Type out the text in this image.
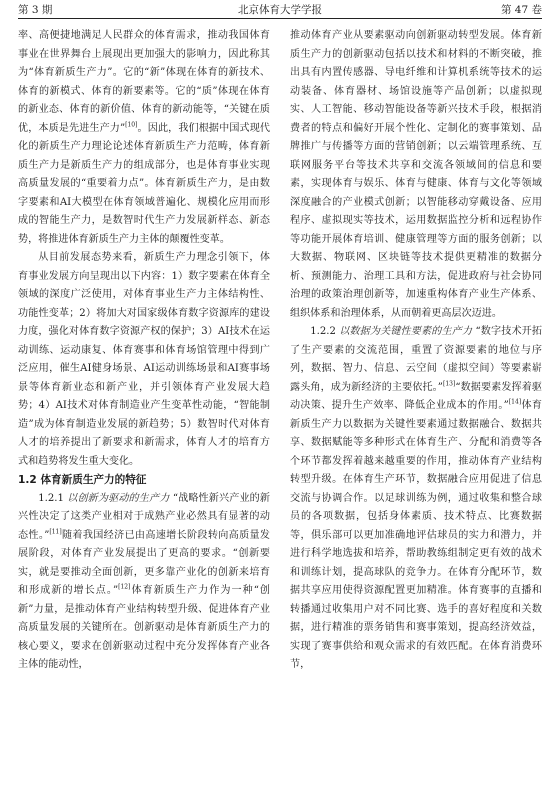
第 3 期	北京体育大学学报	第 47 卷

率、高便捷地满足人民群众的体育需求，推动我国体育事业在世界舞台上展现出更加强大的影响力，因此称其为“体育新质生产力”。它的“新”体现在体育的新技术、体育的新模式、体育的新要素等。它的“质”体现在体育的新业态、体育的新价值、体育的新动能等，“关键在质优，本质是先进生产力”[10]。因此，我们根据中国式现代化的新质生产力理论论述体育新质生产力范畴，体育新质生产力是新质生产力的组成部分，也是体育事业实现高质量发展的“重要着力点”。体育新质生产力，是由数字要素和AI大模型在体育领域普遍化、规模化应用而形成的智能生产力，是数智时代生产力发展新样态、新态势，将推进体育新质生产力主体的颠覆性变革。

从目前发展态势来看，新质生产力理念引领下，体育事业发展方向呈现出以下内容：1）数字要素在体育全领域的深度广泛使用，对体育事业生产力主体结构性、功能性变革；2）将加大对国家级体育数字资源库的建设力度，强化对体育数字资源产权的保护；3）AI技术在运动训练、运动康复、体育赛事和体育场馆管理中得到广泛应用，催生AI健身场景、AI运动训练场景和AI赛事场景等体育新业态和新产业，并引领体育产业发展大趋势；4）AI技术对体育制造业产生变革性动能，“智能制造”成为体育制造业发展的新趋势；5）数智时代对体育人才的培养提出了新要求和新需求，体育人才的培育方式和趋势将发生重大变化。

1.2 体育新质生产力的特征

1.2.1 以创新为驱动的生产力 “战略性新兴产业的新兴性决定了这类产业相对于成熟产业必然具有显著的动态性。”[11]随着我国经济已由高速增长阶段转向高质量发展阶段，对体育产业发展提出了更高的要求。“创新要实，就是要推动全面创新，更多靠产业化的创新来培育和形成新的增长点。”[12]体育新质生产力作为一种“创新”力量，是推动体育产业结构转型升级、促进体育产业高质量发展的关键所在。创新驱动是体育新质生产力的核心要义，要求在创新驱动过程中充分发挥体育产业各主体的能动性，

推动体育产业从要素驱动向创新驱动转型发展。体育新质生产力的创新驱动包括以技术和材料的不断突破，推出具有内置传感器、导电纤维和计算机系统等技术的运动装备、体育器材、场馆设施等产品创新；以虚拟现实、人工智能、移动智能设备等新兴技术手段，根据消费者的特点和偏好开展个性化、定制化的赛事策划、品牌推广与传播等方面的营销创新；以云端管理系统、互联网服务平台等技术共享和交流各领域间的信息和要素，实现体育与娱乐、体育与健康、体育与文化等领域深度融合的产业模式创新；以智能移动穿戴设备、应用程序、虚拟现实等技术，运用数据监控分析和远程协作等功能开展体育培训、健康管理等方面的服务创新；以大数据、物联网、区块链等技术提供更精准的数据分析、预测能力、治理工具和方法，促进政府与社会协同治理的政策治理创新等，加速重构体育产业生产体系、组织体系和治理体系，从而朝着更高层次迈进。

1.2.2 以数据为关键性要素的生产力 “数字技术开拓了生产要素的交流范围，重置了资源要素的地位与序列，数据、智力、信息、云空间（虚拟空间）等要素崭露头角，成为新经济的主要依托。”[13]“数据要素发挥着驱动决策、提升生产效率、降低企业成本的作用。”[14]体育新质生产力以数据为关键性要素通过数据融合、数据共享、数据赋能等多种形式在体育生产、分配和消费等各个环节都发挥着越来越重要的作用，推动体育产业结构转型升级。在体育生产环节，数据融合应用促进了信息交流与协调合作。以足球训练为例，通过收集和整合球员的各项数据，包括身体素质、技术特点、比赛数据等，俱乐部可以更加准确地评估球员的实力和潜力，并进行科学地选拔和培养，帮助教练组制定更有效的战术和训练计划，提高球队的竞争力。在体育分配环节，数据共享应用使得资源配置更加精准。体育赛事的直播和转播通过收集用户对不同比赛、选手的喜好程度和关数据，进行精准的票务销售和赛事策划，提高经济效益，实现了赛事供给和观众需求的有效匹配。在体育消费环节，
